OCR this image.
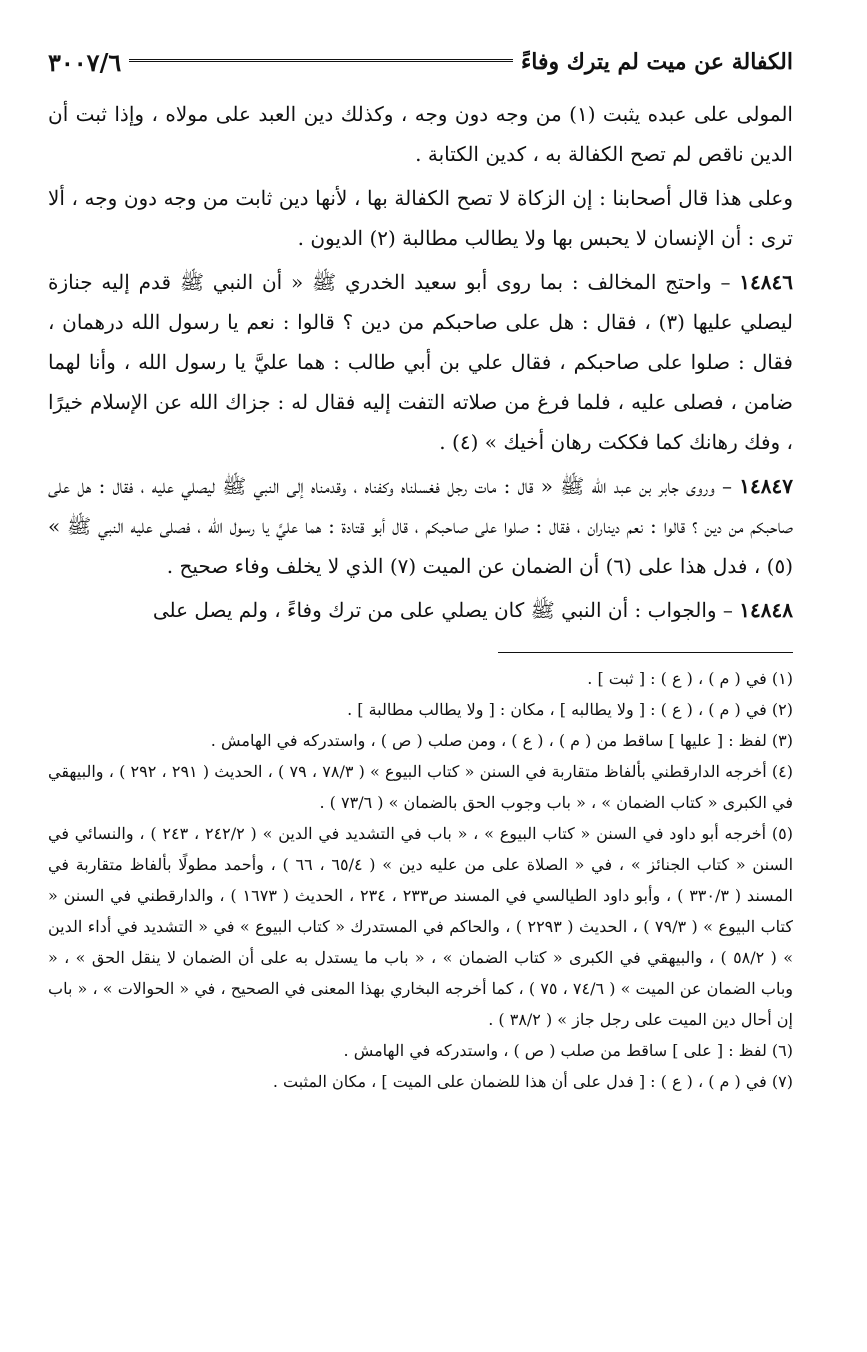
الكفالة عن ميت لم يترك وفاءً
٣٠٠٧/٦

المولى على عبده يثبت (١) من وجه دون وجه ، وكذلك دين العبد على مولاه ، وإذا ثبت أن الدين ناقص لم تصح الكفالة به ، كدين الكتابة .

وعلى هذا قال أصحابنا : إن الزكاة لا تصح الكفالة بها ، لأنها دين ثابت من وجه دون وجه ، ألا ترى : أن الإنسان لا يحبس بها ولا يطالب مطالبة (٢) الديون .

١٤٨٤٦ – واحتج المخالف : بما روى أبو سعيد الخدري ﷺ « أن النبي ﷺ قدم إليه جنازة ليصلي عليها (٣) ، فقال : هل على صاحبكم من دين ؟ قالوا : نعم يا رسول الله درهمان ، فقال : صلوا على صاحبكم ، فقال علي بن أبي طالب : هما عليَّ يا رسول الله ، وأنا لهما ضامن ، فصلى عليه ، فلما فرغ من صلاته التفت إليه فقال له : جزاك الله عن الإسلام خيرًا ، وفك رهانك كما فككت رهان أخيك » (٤) .

١٤٨٤٧ – وروى جابر بن عبد الله ﷺ « قال : مات رجل فغسلناه وكفناه ، وقدمناه إلى النبي ﷺ ليصلي عليه ، فقال : هل على صاحبكم من دين ؟ قالوا : نعم ديناران ، فقال : صلوا على صاحبكم ، قال أبو قتادة : هما عليَّ يا رسول الله ، فصلى عليه النبي ﷺ » (٥) ، فدل هذا على (٦) أن الضمان عن الميت (٧) الذي لا يخلف وفاء صحيح .

١٤٨٤٨ – والجواب : أن النبي ﷺ كان يصلي على من ترك وفاءً ، ولم يصل على

(١) في ( م ) ، ( ع ) : [ ثبت ] .

(٢) في ( م ) ، ( ع ) : [ ولا يطالبه ] ، مكان : [ ولا يطالب مطالبة ] .

(٣) لفظ : [ عليها ] ساقط من ( م ) ، ( ع ) ، ومن صلب ( ص ) ، واستدركه في الهامش .

(٤) أخرجه الدارقطني بألفاظ متقاربة في السنن « كتاب البيوع » ( ٧٨/٣ ، ٧٩ ) ، الحديث ( ٢٩١ ، ٢٩٢ ) ، والبيهقي في الكبرى « كتاب الضمان » ، « باب وجوب الحق بالضمان » ( ٧٣/٦ ) .

(٥) أخرجه أبو داود في السنن « كتاب البيوع » ، « باب في التشديد في الدين » ( ٢٤٢/٢ ، ٢٤٣ ) ، والنسائي في السنن « كتاب الجنائز » ، في « الصلاة على من عليه دين » ( ٦٥/٤ ، ٦٦ ) ، وأحمد مطولًا بألفاظ متقاربة في المسند ( ٣٣٠/٣ ) ، وأبو داود الطيالسي في المسند ص٢٣٣ ، ٢٣٤ ، الحديث ( ١٦٧٣ ) ، والدارقطني في السنن « كتاب البيوع » ( ٧٩/٣ ) ، الحديث ( ٢٢٩٣ ) ، والحاكم في المستدرك « كتاب البيوع » في « التشديد في أداء الدين » ( ٥٨/٢ ) ، والبيهقي في الكبرى « كتاب الضمان » ، « باب ما يستدل به على أن الضمان لا ينقل الحق » ، « وباب الضمان عن الميت » ( ٧٤/٦ ، ٧٥ ) ، كما أخرجه البخاري بهذا المعنى في الصحيح ، في « الحوالات » ، « باب إن أحال دين الميت على رجل جاز » ( ٣٨/٢ ) .

(٦) لفظ : [ على ] ساقط من صلب ( ص ) ، واستدركه في الهامش .

(٧) في ( م ) ، ( ع ) : [ فدل على أن هذا للضمان على الميت ] ، مكان المثبت .
